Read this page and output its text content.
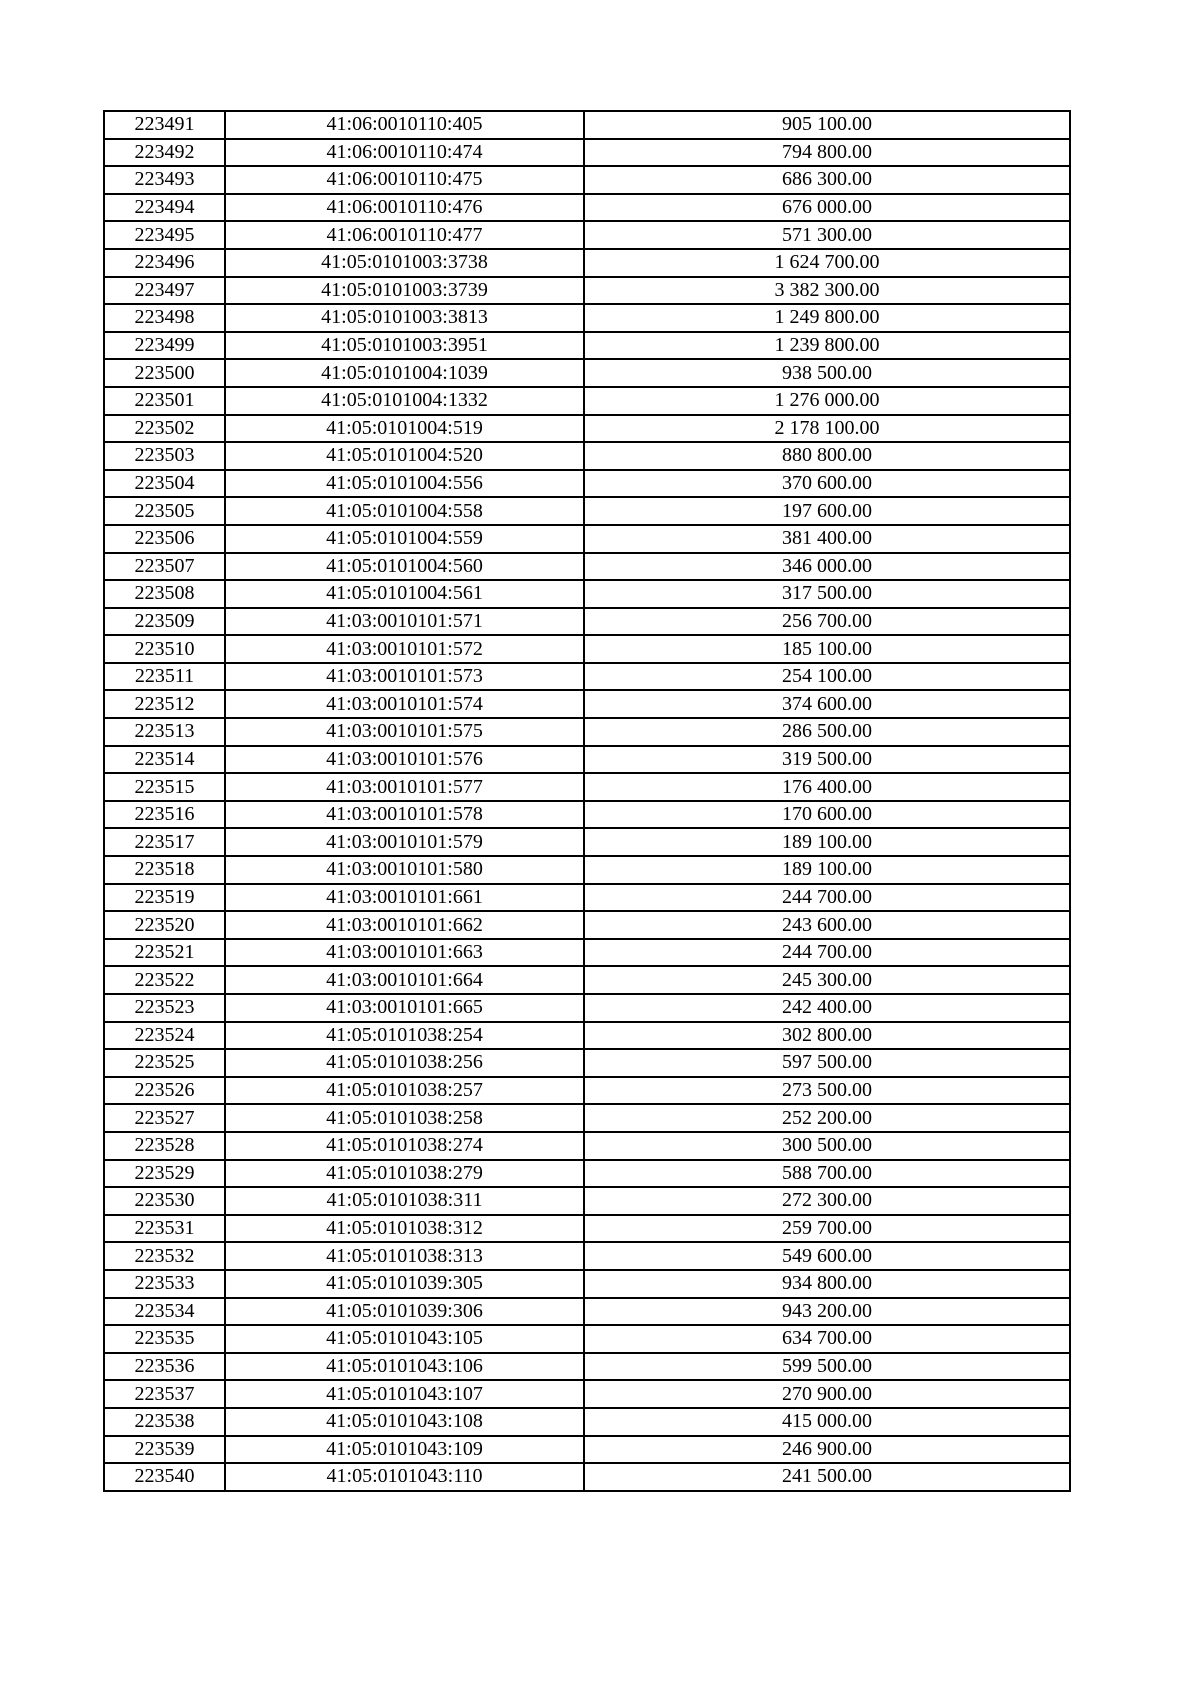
223491	41:06:0010110:405	905 100.00
223492	41:06:0010110:474	794 800.00
223493	41:06:0010110:475	686 300.00
223494	41:06:0010110:476	676 000.00
223495	41:06:0010110:477	571 300.00
223496	41:05:0101003:3738	1 624 700.00
223497	41:05:0101003:3739	3 382 300.00
223498	41:05:0101003:3813	1 249 800.00
223499	41:05:0101003:3951	1 239 800.00
223500	41:05:0101004:1039	938 500.00
223501	41:05:0101004:1332	1 276 000.00
223502	41:05:0101004:519	2 178 100.00
223503	41:05:0101004:520	880 800.00
223504	41:05:0101004:556	370 600.00
223505	41:05:0101004:558	197 600.00
223506	41:05:0101004:559	381 400.00
223507	41:05:0101004:560	346 000.00
223508	41:05:0101004:561	317 500.00
223509	41:03:0010101:571	256 700.00
223510	41:03:0010101:572	185 100.00
223511	41:03:0010101:573	254 100.00
223512	41:03:0010101:574	374 600.00
223513	41:03:0010101:575	286 500.00
223514	41:03:0010101:576	319 500.00
223515	41:03:0010101:577	176 400.00
223516	41:03:0010101:578	170 600.00
223517	41:03:0010101:579	189 100.00
223518	41:03:0010101:580	189 100.00
223519	41:03:0010101:661	244 700.00
223520	41:03:0010101:662	243 600.00
223521	41:03:0010101:663	244 700.00
223522	41:03:0010101:664	245 300.00
223523	41:03:0010101:665	242 400.00
223524	41:05:0101038:254	302 800.00
223525	41:05:0101038:256	597 500.00
223526	41:05:0101038:257	273 500.00
223527	41:05:0101038:258	252 200.00
223528	41:05:0101038:274	300 500.00
223529	41:05:0101038:279	588 700.00
223530	41:05:0101038:311	272 300.00
223531	41:05:0101038:312	259 700.00
223532	41:05:0101038:313	549 600.00
223533	41:05:0101039:305	934 800.00
223534	41:05:0101039:306	943 200.00
223535	41:05:0101043:105	634 700.00
223536	41:05:0101043:106	599 500.00
223537	41:05:0101043:107	270 900.00
223538	41:05:0101043:108	415 000.00
223539	41:05:0101043:109	246 900.00
223540	41:05:0101043:110	241 500.00
